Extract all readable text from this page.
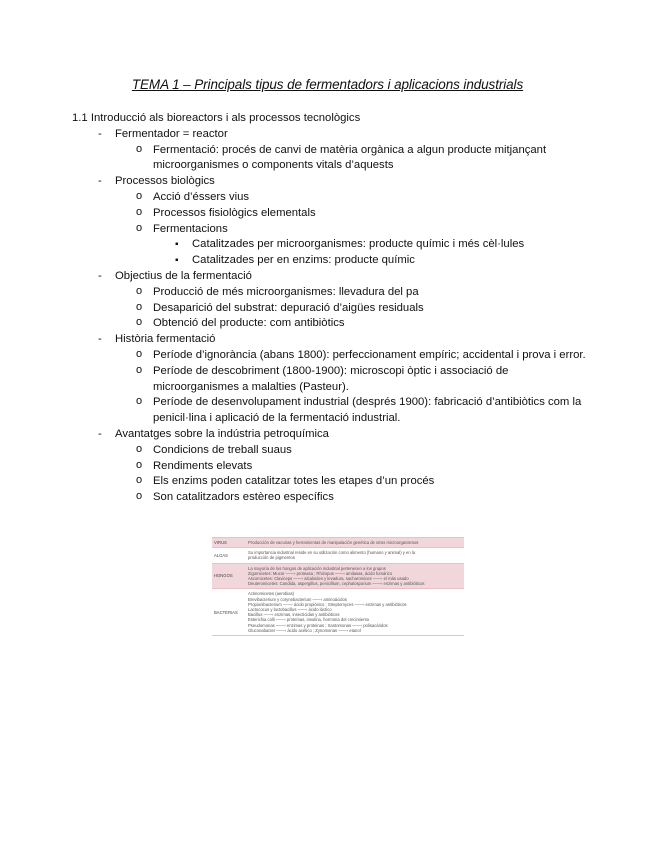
TEMA 1 – Principals tipus de fermentadors i aplicacions industrials

1.1 Introducció als bioreactors i als processos tecnològics

- Fermentador = reactor
o Fermentació: procés de canvi de matèria orgànica a algun producte mitjançant microorganismes o components vitals d’aquests
- Processos biològics
o Acció d’éssers vius
o Processos fisiològics elementals
o Fermentacions
▪ Catalitzades per microorganismes: producte químic i més cèl·lules
▪ Catalitzades per en enzims: producte químic
- Objectius de la fermentació
o Producció de més microorganismes: llevadura del pa
o Desaparició del substrat: depuració d’aigües residuals
o Obtenció del producte: com antibiòtics
- Història fermentació
o Període d’ignorància (abans 1800): perfeccionament empíric; accidental i prova i error.
o Període de descobriment (1800-1900): microscopi òptic i associació de microorganismes a malalties (Pasteur).
o Període de desenvolupament industrial (després 1900): fabricació d’antibiòtics com la penicil·lina i aplicació de la fermentació industrial.
- Avantatges sobre la indústria petroquímica
o Condicions de treball suaus
o Rendiments elevats
o Els enzims poden catalitzar totes les etapes d’un procés
o Son catalitzadors estèreo específics
VIRUS	Producción de vacunas y herramientas de manipulación genética de otros microorganismos
ALGAS
Su importancia industrial reside en su utilización como alimento (humano y animal) y en la
producción de pigmentos
HONGOS
La mayoría de los hongos de aplicación industrial pertenecen a los grupos
Zigomicetes: Mucor ——› proteasa ; Rhizopus ——› amilasas, ácido fumárico
Ascomicetes: Claviceps ——› alcaloides y levadura, sacharomices ——› el más usado
Deuteromicetes: Candida, aspergillus, penicillium, cephalosporium ——› enzimas y antibióticos
BACTERIAS
Actinomicetes (aerobias)
Brevibacterium y corynebacterium ——› aminoácidos
Propionibacterium ——› ácido propiónico ; Streptomyces ——› enzimas y antibióticos
Lactococus y lactobacillus ——› ácido láctico
Bacillus ——› enzimas, insecticidas y antibióticos
Esterichia colli ——› proteínas, insulina, hormona del crecimiento
Pseudomonas ——› enzimas y proteinas ; Xantomonas ——› polisacáridos
Gluconabacter ——› ácido acético ; Zynomonas ——› etanol
